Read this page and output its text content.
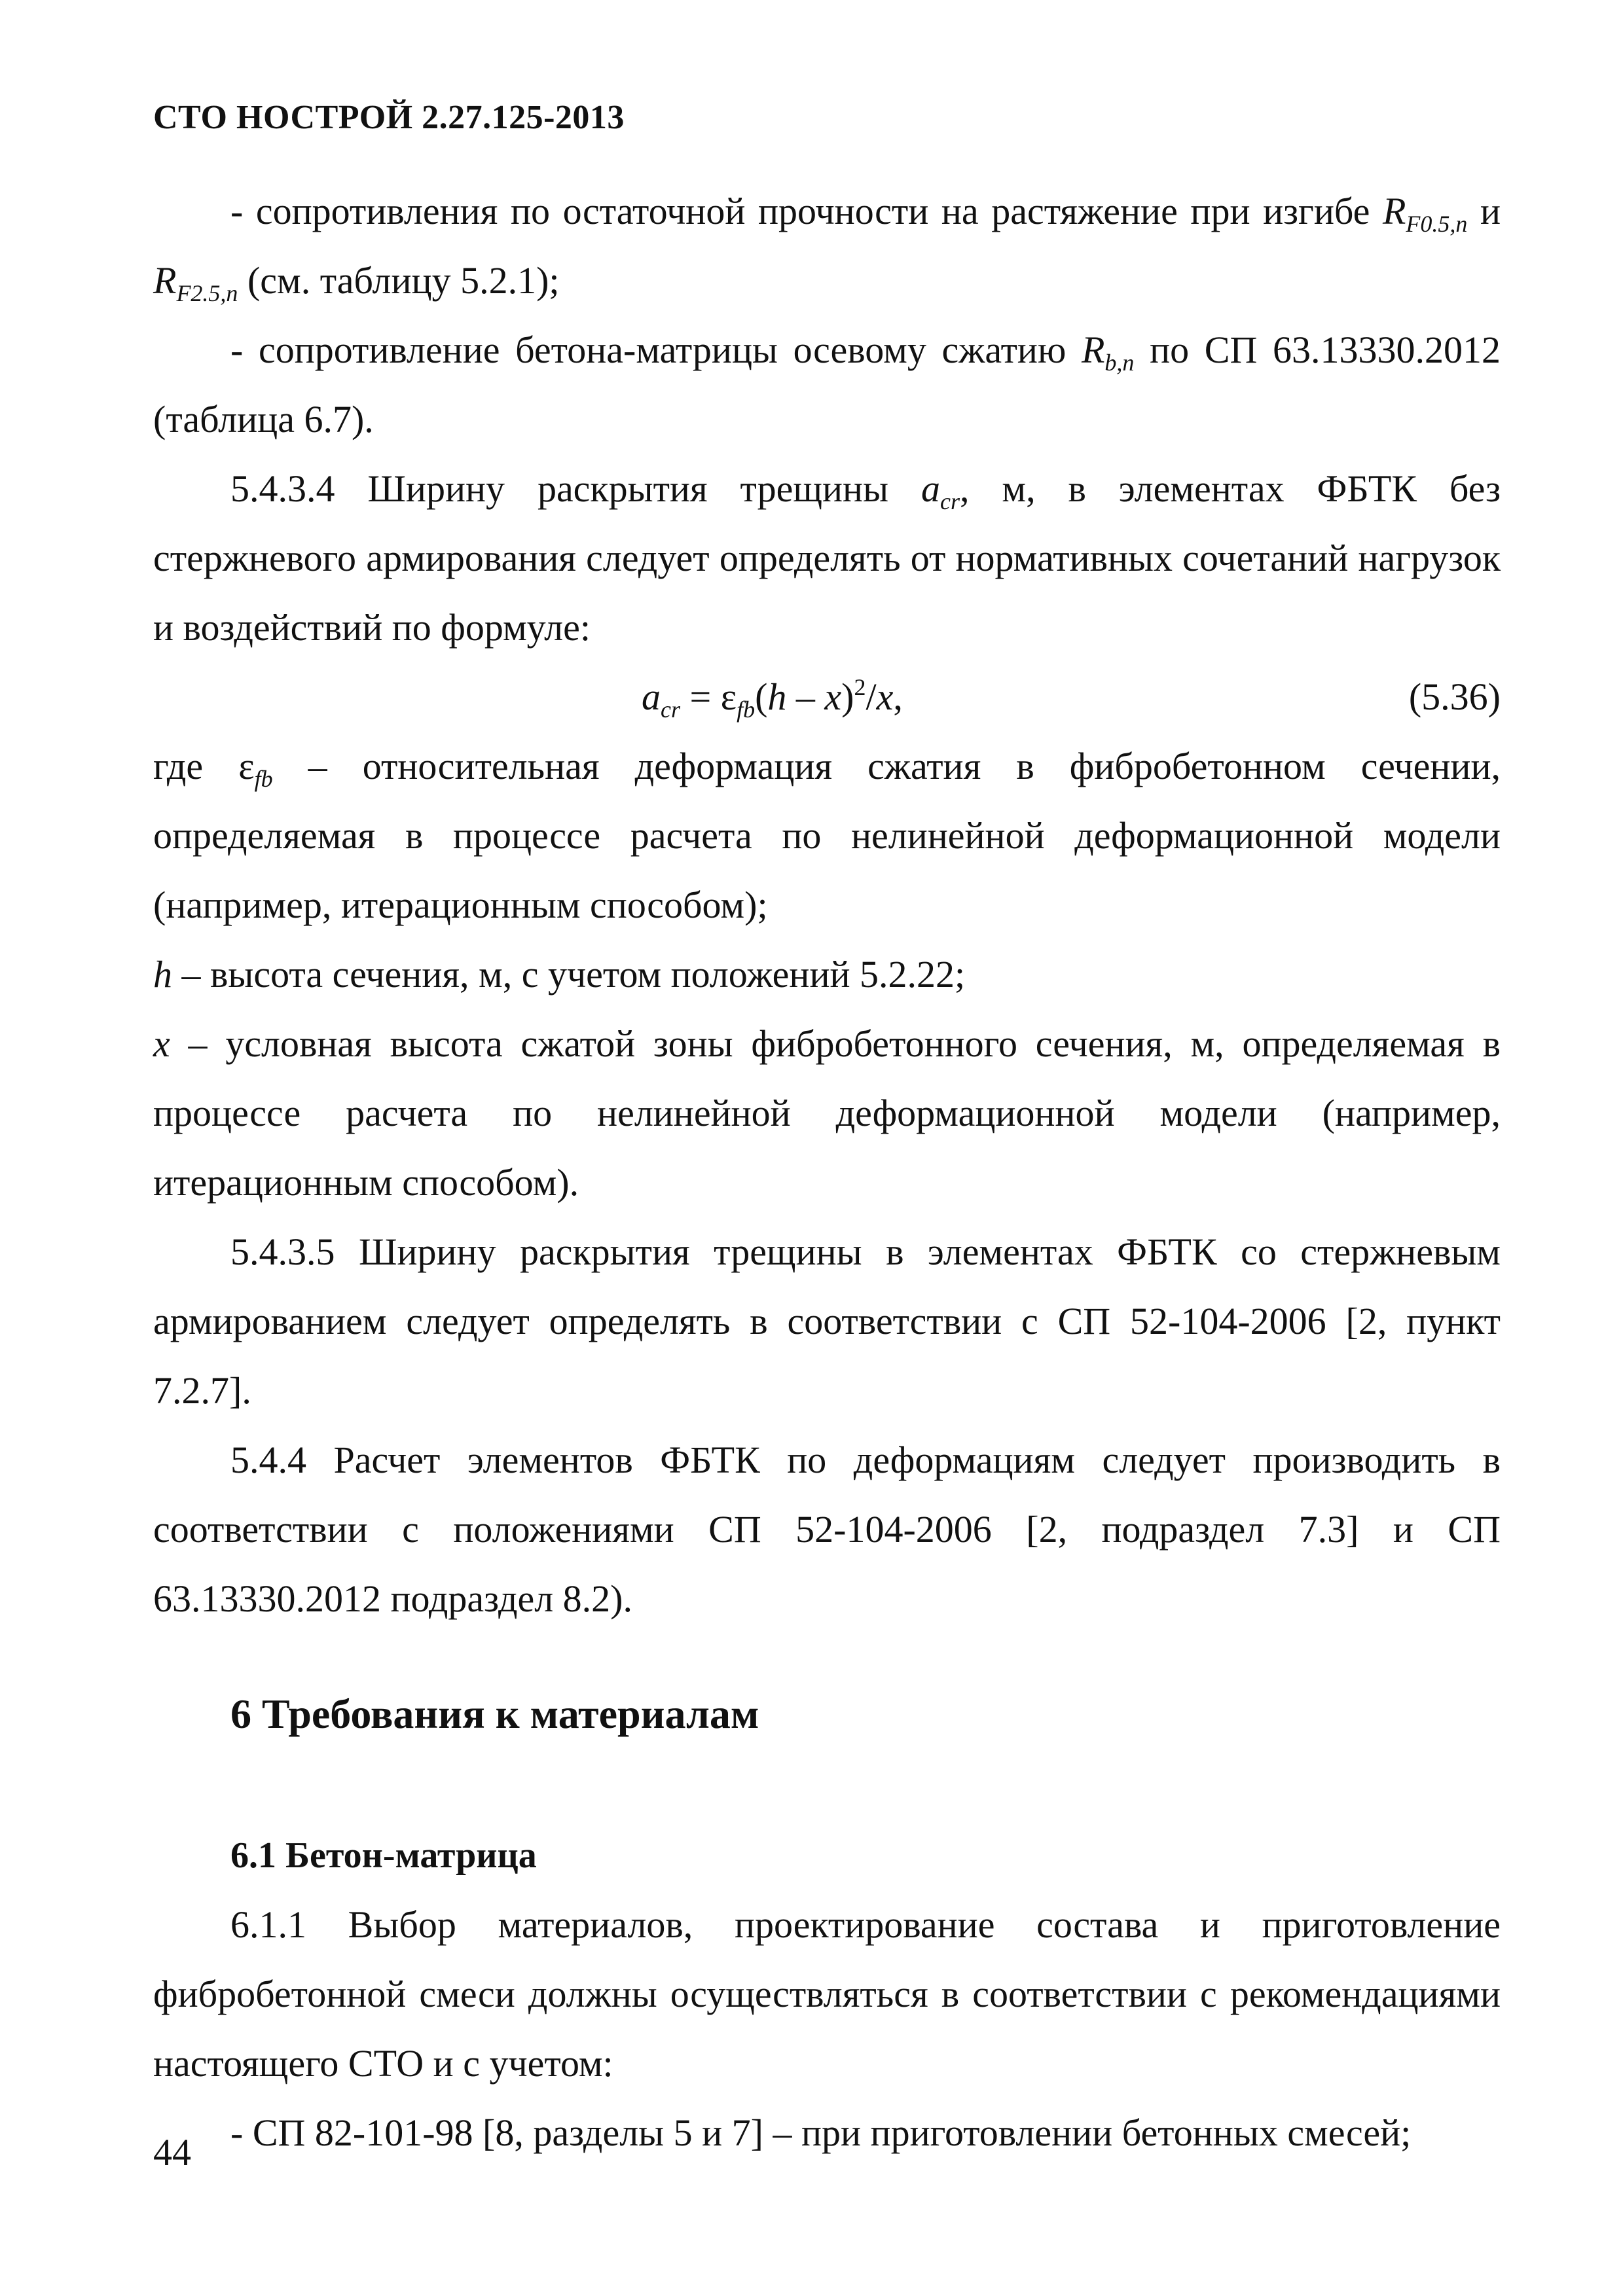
СТО НОСТРОЙ 2.27.125-2013

- сопротивления по остаточной прочности на растяжение при изгибе $R_{F0.5,n}$ и $R_{F2.5,n}$ (см. таблицу 5.2.1);

- сопротивление бетона-матрицы осевому сжатию $R_{b,n}$ по СП 63.13330.2012 (таблица 6.7).

5.4.3.4 Ширину раскрытия трещины $a_{cr}$, м, в элементах ФБТК без стержневого армирования следует определять от нормативных сочетаний нагрузок и воздействий по формуле:

$a_{cr} = \varepsilon_{fb}(h - x)^2/x$,	(5.36)

где $\varepsilon_{fb}$ – относительная деформация сжатия в фибробетонном сечении, определяемая в процессе расчета по нелинейной деформационной модели (например, итерационным способом);

h – высота сечения, м, с учетом положений 5.2.22;

x – условная высота сжатой зоны фибробетонного сечения, м, определяемая в процессе расчета по нелинейной деформационной модели (например, итерационным способом).

5.4.3.5 Ширину раскрытия трещины в элементах ФБТК со стержневым армированием следует определять в соответствии с СП 52-104-2006 [2, пункт 7.2.7].

5.4.4 Расчет элементов ФБТК по деформациям следует производить в соответствии с положениями СП 52-104-2006 [2, подраздел 7.3] и СП 63.13330.2012 подраздел 8.2).

6 Требования к материалам
6.1 Бетон-матрица

6.1.1 Выбор материалов, проектирование состава и приготовление фибробетонной смеси должны осуществляться в соответствии с рекомендациями настоящего СТО и с учетом:

- СП 82-101-98 [8, разделы 5 и 7] – при приготовлении бетонных смесей;

44
